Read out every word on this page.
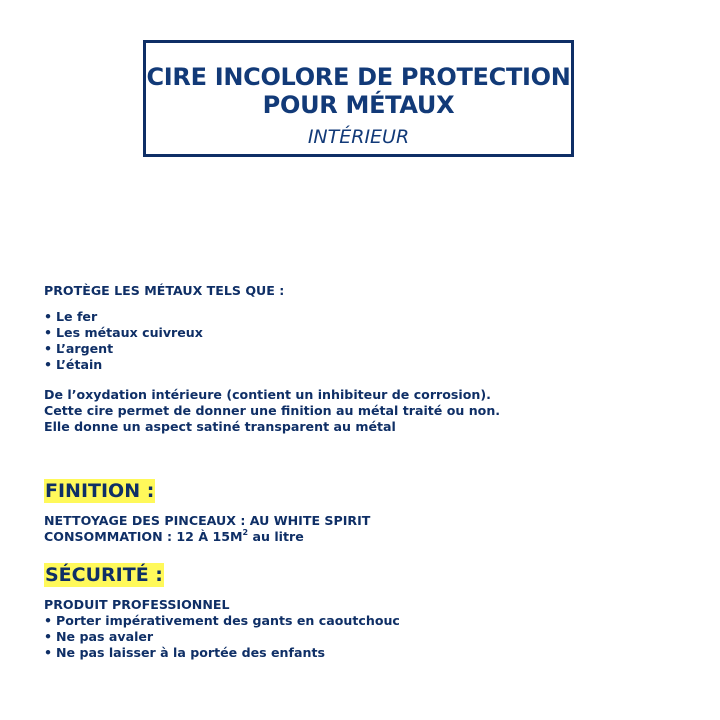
CIRE INCOLORE DE PROTECTION
POUR MÉTAUX
INTÉRIEUR

PROTÈGE LES MÉTAUX TELS QUE :

• Le fer
• Les métaux cuivreux
• L’argent
• L’étain
De l’oxydation intérieure (contient un inhibiteur de corrosion).
Cette cire permet de donner une finition au métal traité ou non.
Elle donne un aspect satiné transparent au métal
FINITION :
NETTOYAGE DES PINCEAUX : AU WHITE SPIRIT
CONSOMMATION : 12 À $15M^2$ au litre
SÉCURITÉ :
PRODUIT PROFESSIONNEL
• Porter impérativement des gants en caoutchouc
• Ne pas avaler
• Ne pas laisser à la portée des enfants
